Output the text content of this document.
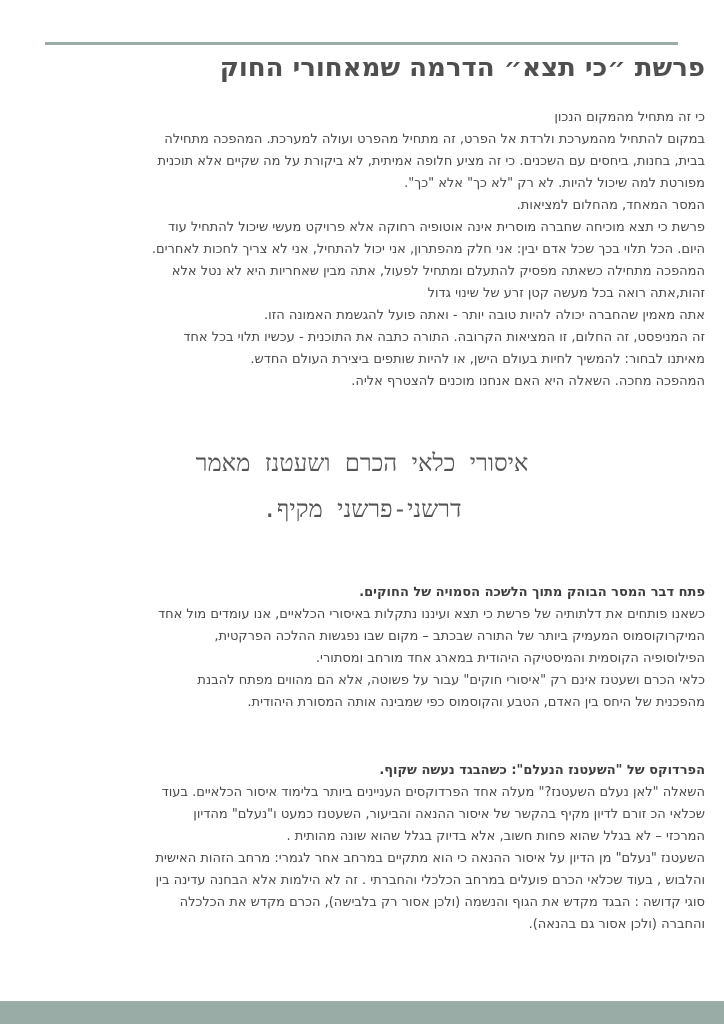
פרשת ״כי תצא״ הדרמה שמאחורי החוק

כי זה מתחיל מהמקום הנכון

במקום להתחיל מהמערכת ולרדת אל הפרט, זה מתחיל מהפרט ועולה למערכת. המהפכה מתחילה

בבית, בחנות, ביחסים עם השכנים. כי זה מציע חלופה אמיתית, לא ביקורת על מה שקיים אלא תוכנית

מפורטת למה שיכול להיות. לא רק "לא כך" אלא "כך".

המסר המאחד, מהחלום למציאות.

פרשת כי תצא מוכיחה שחברה מוסרית אינה אוטופיה רחוקה אלא פרויקט מעשי שיכול להתחיל עוד

היום. הכל תלוי בכך שכל אדם יבין: אני חלק מהפתרון, אני יכול להתחיל, אני לא צריך לחכות לאחרים.

המהפכה מתחילה כשאתה מפסיק להתעלם ומתחיל לפעול, אתה מבין שאחריות היא לא נטל אלא

זהות,אתה רואה בכל מעשה קטן זרע של שינוי גדול

אתה מאמין שהחברה יכולה להיות טובה יותר - ואתה פועל להגשמת האמונה הזו.

זה המניפסט, זה החלום, זו המציאות הקרובה. התורה כתבה את התוכנית - עכשיו תלוי בכל אחד

מאיתנו לבחור: להמשיך לחיות בעולם הישן, או להיות שותפים ביצירת העולם החדש.

המהפכה מחכה. השאלה היא האם אנחנו מוכנים להצטרף אליה.

איסורי כלאי הכרם ושעטנז מאמר
דרשני-פרשני מקיף.

פתח דבר המסר הבוהק מתוך הלשכה הסמויה של החוקים.

כשאנו פותחים את דלתותיה של פרשת כי תצא ועיננו נתקלות באיסורי הכלאיים, אנו עומדים מול אחד

המיקרוקוסמוס המעמיק ביותר של התורה שבכתב – מקום שבו נפגשות ההלכה הפרקטית,

הפילוסופיה הקוסמית והמיסטיקה היהודית במארג אחד מורחב ומסתורי.

כלאי הכרם ושעטנז אינם רק "איסורי חוקים" עבור על פשוטה, אלא הם מהווים מפתח להבנת

מהפכנית של היחס בין האדם, הטבע והקוסמוס כפי שמבינה אותה המסורת היהודית.

הפרדוקס של "השעטנז הנעלם": כשהבגד נעשה שקוף.

השאלה "לאן נעלם השעטנז?" מעלה אחד הפרדוקסים העניינים ביותר בלימוד איסור הכלאיים. בעוד

שכלאי הכ זורם לדיון מקיף בהקשר של איסור ההנאה והביעור, השעטנז כמעט ו"נעלם" מהדיון

המרכזי – לא בגלל שהוא פחות חשוב, אלא בדיוק בגלל שהוא שונה מהותית .

השעטנז "נעלם" מן הדיון על איסור ההנאה כי הוא מתקיים במרחב אחר לגמרי: מרחב הזהות האישית

והלבוש , בעוד שכלאי הכרם פועלים במרחב הכלכלי והחברתי . זה לא הילמות אלא הבחנה עדינה בין

סוגי קדושה : הבגד מקדש את הגוף והנשמה (ולכן אסור רק בלבישה), הכרם מקדש את הכלכלה

והחברה (ולכן אסור גם בהנאה).
